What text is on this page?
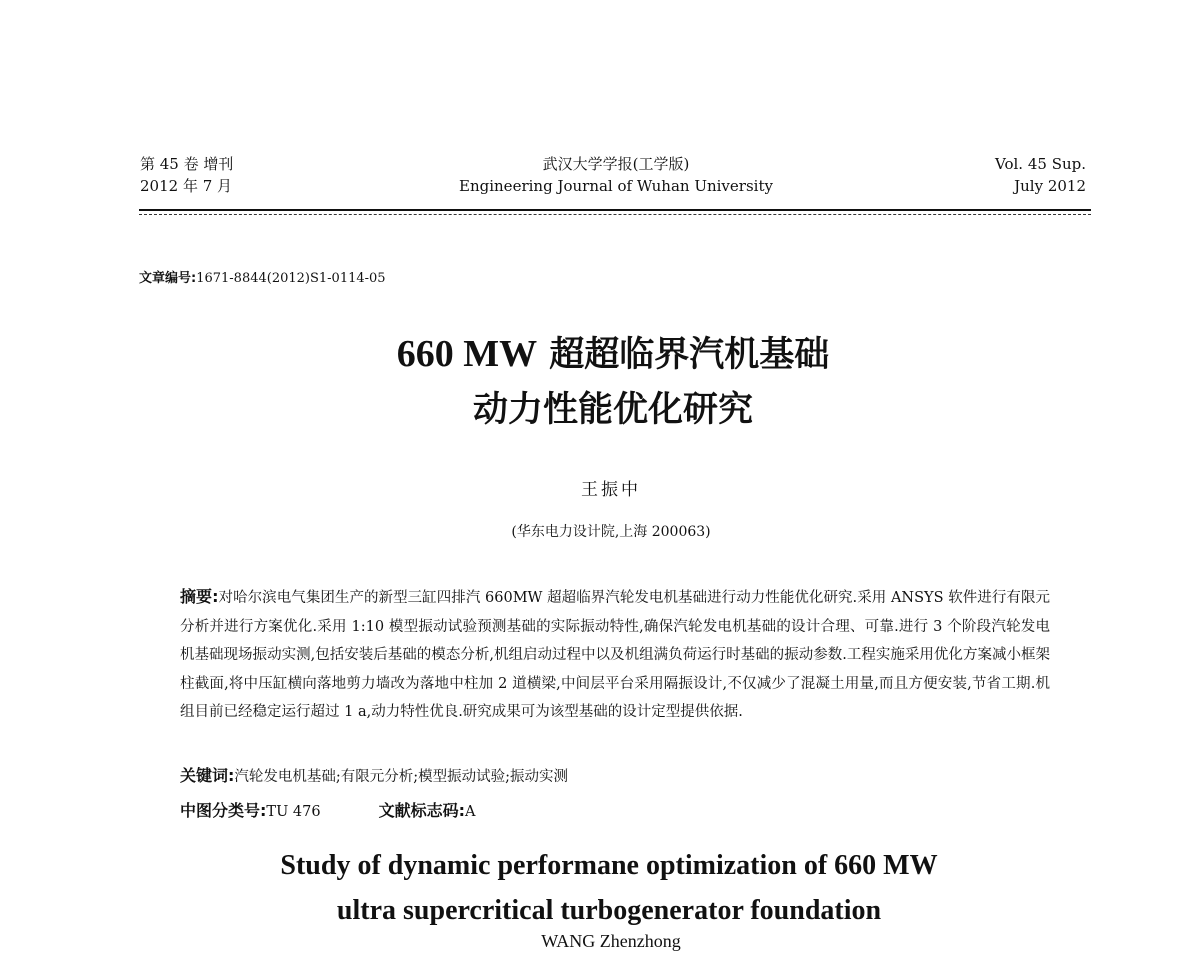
第 45 卷 增刊
2012 年 7 月
武汉大学学报(工学版)
Engineering Journal of Wuhan University
Vol. 45 Sup.
July 2012
文章编号:1671-8844(2012)S1-0114-05
660 MW 超超临界汽机基础
动力性能优化研究
王振中
(华东电力设计院,上海 200063)
摘要:对哈尔滨电气集团生产的新型三缸四排汽 660MW 超超临界汽轮发电机基础进行动力性能优化研究.采用 ANSYS 软件进行有限元分析并进行方案优化.采用 1:10 模型振动试验预测基础的实际振动特性,确保汽轮发电机基础的设计合理、可靠.进行 3 个阶段汽轮发电机基础现场振动实测,包括安装后基础的模态分析,机组启动过程中以及机组满负荷运行时基础的振动参数.工程实施采用优化方案减小框架柱截面,将中压缸横向落地剪力墙改为落地中柱加 2 道横梁,中间层平台采用隔振设计,不仅减少了混凝土用量,而且方便安装,节省工期.机组目前已经稳定运行超过 1 a,动力特性优良.研究成果可为该型基础的设计定型提供依据.
关键词:汽轮发电机基础;有限元分析;模型振动试验;振动实测
中图分类号:TU 476	文献标志码:A
Study of dynamic performane optimization of 660 MW
ultra supercritical turbogenerator foundation
WANG Zhenzhong
